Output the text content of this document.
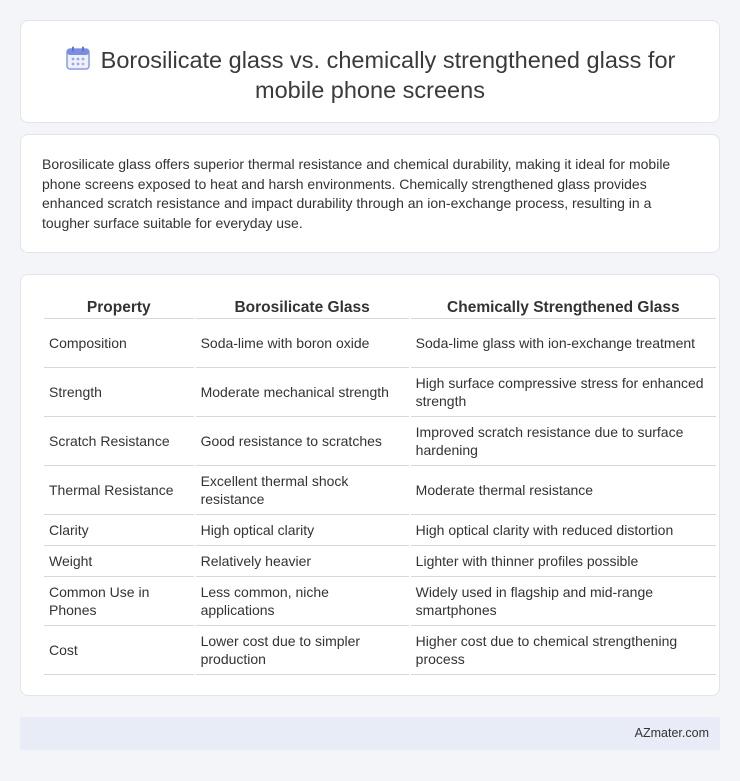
Borosilicate glass vs. chemically strengthened glass for mobile phone screens

Borosilicate glass offers superior thermal resistance and chemical durability, making it ideal for mobile phone screens exposed to heat and harsh environments. Chemically strengthened glass provides enhanced scratch resistance and impact durability through an ion-exchange process, resulting in a tougher surface suitable for everyday use.

Property	Borosilicate Glass	Chemically Strengthened Glass
Composition	Soda-lime with boron oxide	Soda-lime glass with ion-exchange treatment
Strength	Moderate mechanical strength	High surface compressive stress for enhanced strength
Scratch Resistance	Good resistance to scratches	Improved scratch resistance due to surface hardening
Thermal Resistance	Excellent thermal shock resistance	Moderate thermal resistance
Clarity	High optical clarity	High optical clarity with reduced distortion
Weight	Relatively heavier	Lighter with thinner profiles possible
Common Use in Phones	Less common, niche applications	Widely used in flagship and mid-range smartphones
Cost	Lower cost due to simpler production	Higher cost due to chemical strengthening process
AZmater.com
